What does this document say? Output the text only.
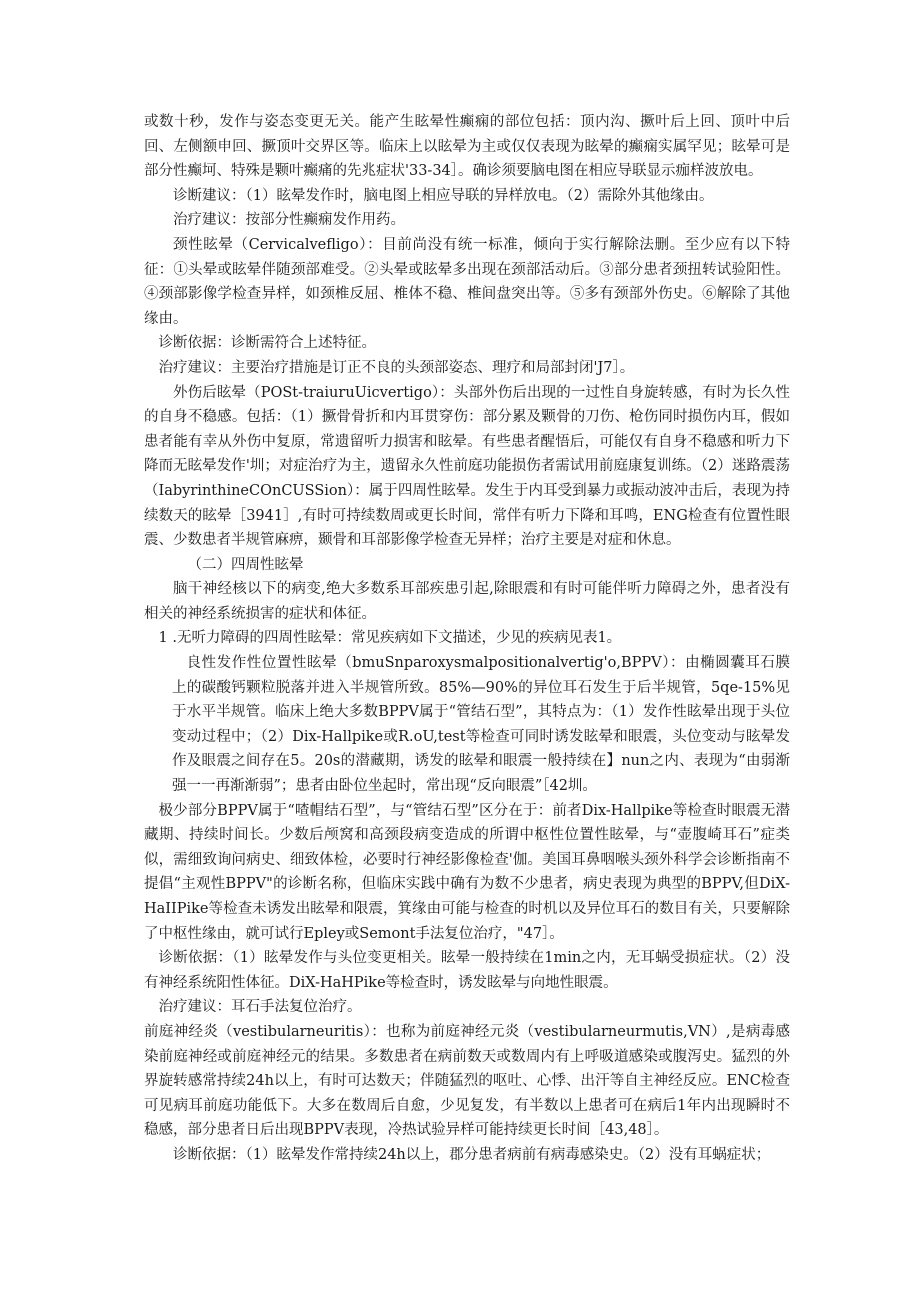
或数十秒，发作与姿态变更无关。能产生眩晕性癫痫的部位包括：顶内沟、撅叶后上回、顶叶中后回、左侧额申回、撅顶叶交界区等。临床上以眩晕为主或仅仅表现为眩晕的癫痫实属罕见；眩晕可是部分性癫坷、特殊是颗叶癫痛的先兆症状'33-34］。确诊须要脑电图在相应导联显示痂样波放电。

诊断建议：（1）眩晕发作时，脑电图上相应导联的异样放电。（2）需除外其他缘由。

治疗建议：按部分性癫痫发作用药。

颈性眩晕（Cervicalvefligo）：目前尚没有统一标准，倾向于实行解除法删。至少应有以下特征：①头晕或眩晕伴随颈部难受。②头晕或眩晕多出现在颈部活动后。③部分患者颈扭转试验阳性。④颈部影像学检查异样，如颈椎反屈、椎体不稳、椎间盘突出等。⑤多有颈部外伤史。⑥解除了其他缘由。

诊断依据：诊断需符合上述特征。

治疗建议：主要治疗措施是订正不良的头颈部姿态、理疗和局部封闭'J7］。

外伤后眩晕（POSt-traiuruUicvertigo）：头部外伤后出现的一过性自身旋转感，有时为长久性的自身不稳感。包括：（1）撅骨骨折和内耳贯穿伤：部分累及颗骨的刀伤、枪伤同时损伤内耳，假如患者能有幸从外伤中复原，常遗留听力损害和眩晕。有些患者醒悟后，可能仅有自身不稳感和听力下降而无眩晕发作'圳；对症治疗为主，遗留永久性前庭功能损伤者需试用前庭康复训练。（2）迷路震荡（IabyrinthineCOnCUSSion）：属于四周性眩晕。发生于内耳受到暴力或振动波冲击后，表现为持续数天的眩晕［3941］,有时可持续数周或更长时间，常伴有听力下降和耳鸣，ENG检查有位置性眼震、少数患者半规管麻痹，颞骨和耳部影像学检查无异样；治疗主要是对症和休息。

（二）四周性眩晕

脑干神经核以下的病变,绝大多数系耳部疾患引起,除眼震和有时可能伴听力障碍之外，患者没有相关的神经系统损害的症状和体征。

1 .无听力障碍的四周性眩晕：常见疾病如下文描述，少见的疾病见表1。

良性发作性位置性眩晕（bmuSnparoxysmalpositionalvertig'o,BPPV）：由椭圆囊耳石膜上的碳酸钙颗粒脱落并进入半规管所致。85%—90%的异位耳石发生于后半规管，5qe-15%见于水平半规管。临床上绝大多数BPPV属于“管结石型”，其特点为：（1）发作性眩晕出现于头位变动过程中；（2）Dix-Hallpike或R.oU,test等检查可同时诱发眩晕和眼震，头位变动与眩晕发作及眼震之间存在5。20s的潜藏期，诱发的眩晕和眼震一般持续在】nun之内、表现为“由弱渐强一一再渐渐弱”；患者由卧位坐起时，常出现“反向眼震”［42圳。

极少部分BPPV属于“喳帽结石型”，与“管结石型”区分在于：前者Dix-Hallpike等检查时眼震无潜藏期、持续时间长。少数后颅窝和高颈段病变造成的所谓中枢性位置性眩晕，与“壶腹崎耳石”症类似，需细致询问病史、细致体检，必要时行神经影像检查'伽。美国耳鼻咽喉头颈外科学会诊断指南不提倡“主观性BPPV"的诊断名称，但临床实践中确有为数不少患者，病史表现为典型的BPPV,但DiX-HaIIPike等检查未诱发出眩晕和限震，箕缘由可能与检查的时机以及异位耳石的数目有关，只要解除了中枢性缘由，就可试行Epley或Semont手法复位治疗，"47］。

诊断依据：（1）眩晕发作与头位变更相关。眩晕一般持续在1min之内，无耳蜗受损症状。（2）没有神经系统阳性体征。DiX-HaHPike等检查时，诱发眩晕与向地性眼震。

治疗建议：耳石手法复位治疗。

前庭神经炎（vestibularneuritis）：也称为前庭神经元炎（vestibularneurmutis,VN）,是病毒感染前庭神经或前庭神经元的结果。多数患者在病前数天或数周内有上呼吸道感染或腹泻史。猛烈的外界旋转感常持续24h以上，有时可达数天；伴随猛烈的呕吐、心悸、出汗等自主神经反应。ENC检查可见病耳前庭功能低下。大多在数周后自愈，少见复发，有半数以上患者可在病后1年内出现瞬时不稳感，部分患者日后出现BPPV表现，冷热试验异样可能持续更长时间［43,48］。

诊断依据：（1）眩晕发作常持续24h以上，郡分患者病前有病毒感染史。（2）没有耳蜗症状；
